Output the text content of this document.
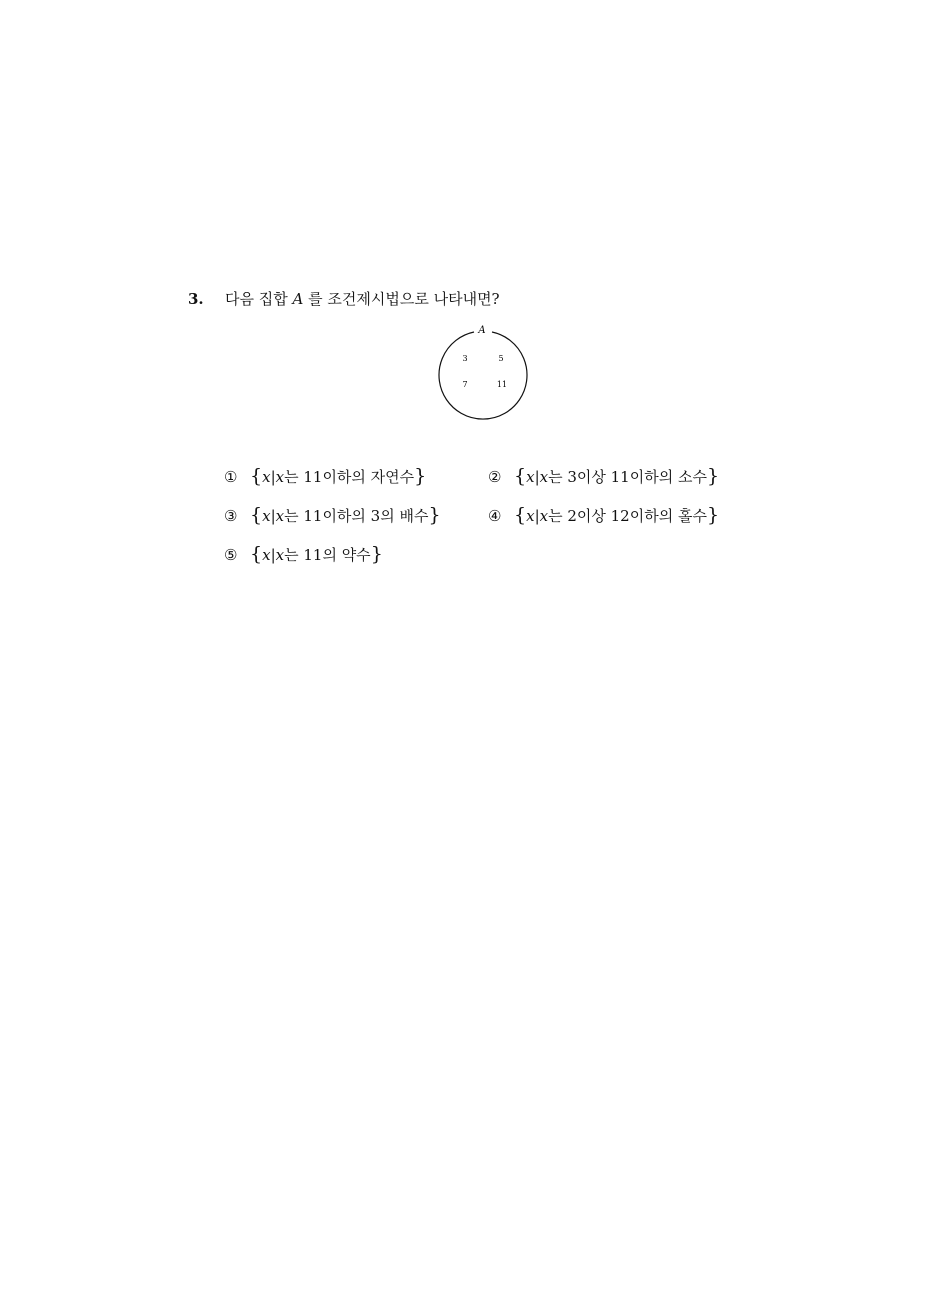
3. 다음 집합 A 를 조건제시법으로 나타내면?
A
3	5
7	11
① { x | x 는 11이하의 자연수 }	② { x | x 는 3이상 11이하의 소수 }
③ { x | x 는 11이하의 3의 배수 }	④ { x | x 는 2이상 12이하의 홀수 }
⑤ { x | x 는 11의 약수 }
